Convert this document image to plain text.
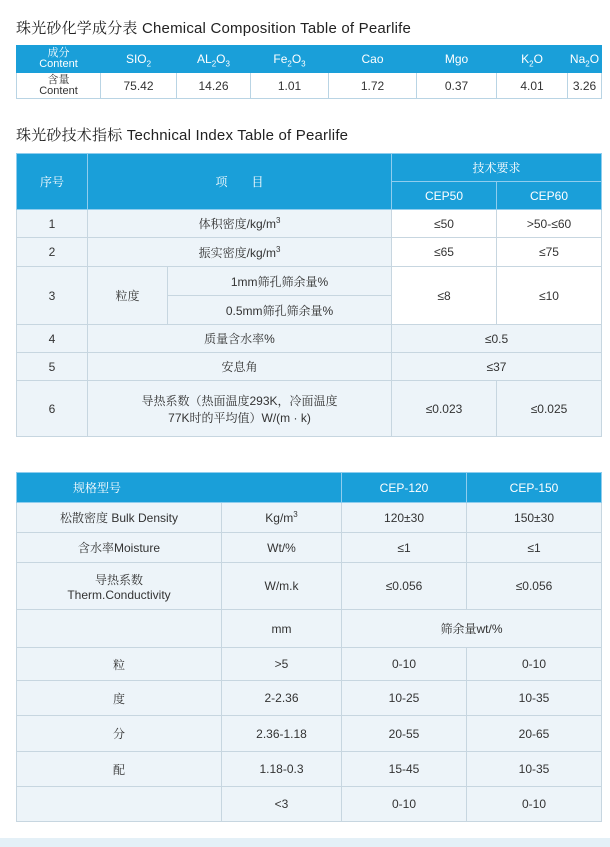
珠光砂化学成分表 Chemical Composition Table of Pearlife
成分
Content	$SIO_2$	$AL_2O_3$	$Fe_2O_3$	Cao	Mgo	$K_2O$	$Na_2O$

含量
Content	75.42	14.26	1.01	1.72	0.37	4.01	3.26
珠光砂技术指标 Technical Index Table of Pearlife
序号	项　　目		技术要求	
			CEP50	CEP60
1	体积密度$/kg/m^3$		≤50	>50-≤60
2	振实密度$/kg/m^3$		≤65	≤75
3	粒度	1mm筛孔筛余量%	≤8	≤10
		0.5mm筛孔筛余量%		
4	质量含水率%		≤0.5	
5	安息角		≤37	
6	导热系数（热面温度293K，冷面温度
77K时的平均值）W/(m · k)		≤0.023	≤0.025
规格型号		CEP-120	CEP-150
松散密度 Bulk Density	$Kg/m^3$	120±30	150±30
含水率Moisture	Wt/%	≤1	≤1

导热系数
Therm.Conductivity	W/m.k	≤0.056	≤0.056
	mm	筛余量wt/%	
粒	>5	0-10	0-10
度	2-2.36	10-25	10-35
分	2.36-1.18	20-55	20-65
配	1.18-0.3	15-45	10-35
	<3	0-10	0-10
